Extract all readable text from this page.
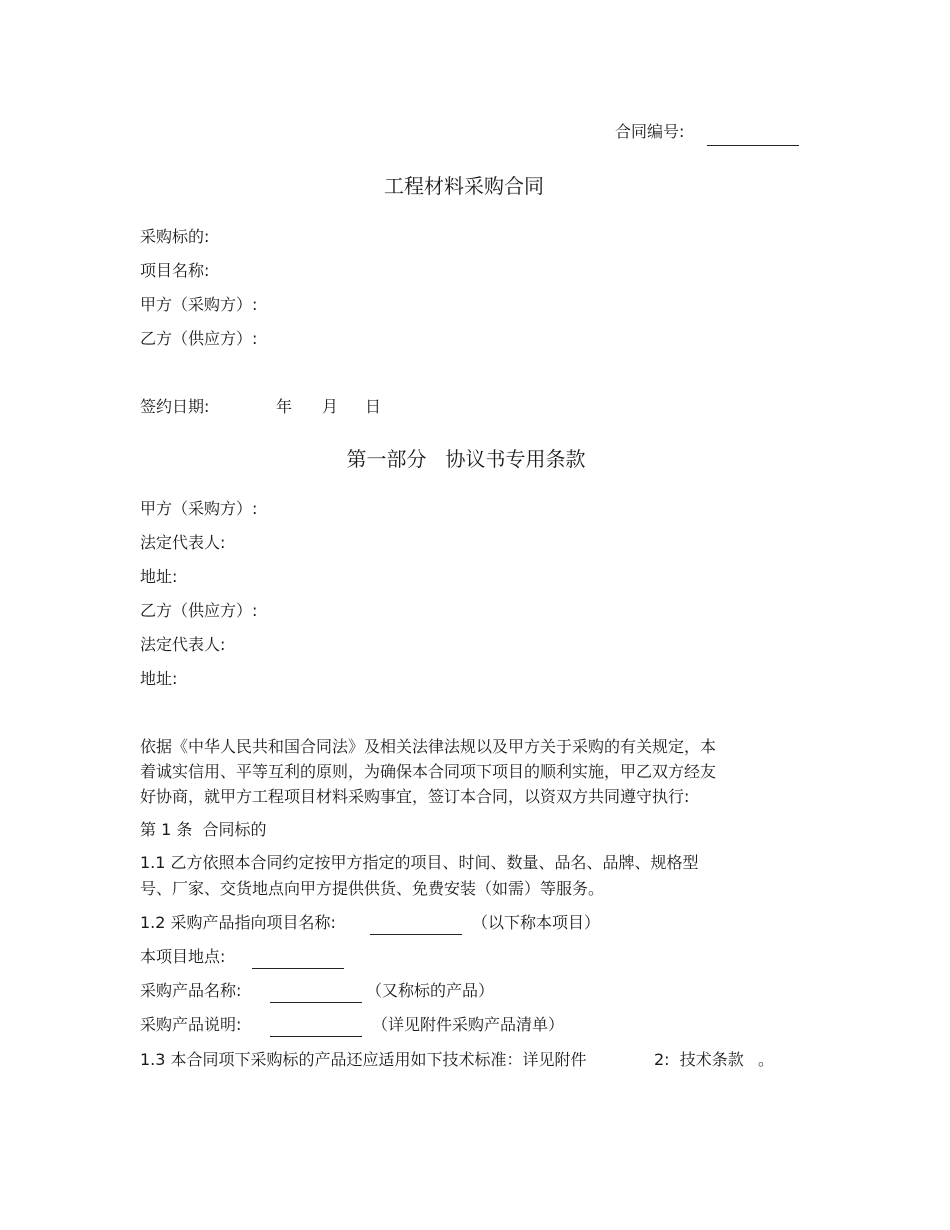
合同编号:
工程材料采购合同
采购标的:
项目名称:
甲方（采购方）:
乙方（供应方）:
签约日期:	年 月 日
第一部分   协议书专用条款
甲方（采购方）:
法定代表人:
地址:
乙方（供应方）:
法定代表人:
地址:
依据《中华人民共和国合同法》及相关法律法规以及甲方关于采购的有关规定，本
着诚实信用、平等互利的原则，为确保本合同项下项目的顺利实施，甲乙双方经友
好协商，就甲方工程项目材料采购事宜，签订本合同，以资双方共同遵守执行:
第 1 条  合同标的
1.1 乙方依照本合同约定按甲方指定的项目、时间、数量、品名、品牌、规格型
号、厂家、交货地点向甲方提供供货、免费安装（如需）等服务。
1.2 采购产品指向项目名称:	（以下称本项目）
本项目地点:
采购产品名称:	（又称标的产品）
采购产品说明:	（详见附件采购产品清单）
1.3 本合同项下采购标的产品还应适用如下技术标准：详见附件	2:  技术条款 。
